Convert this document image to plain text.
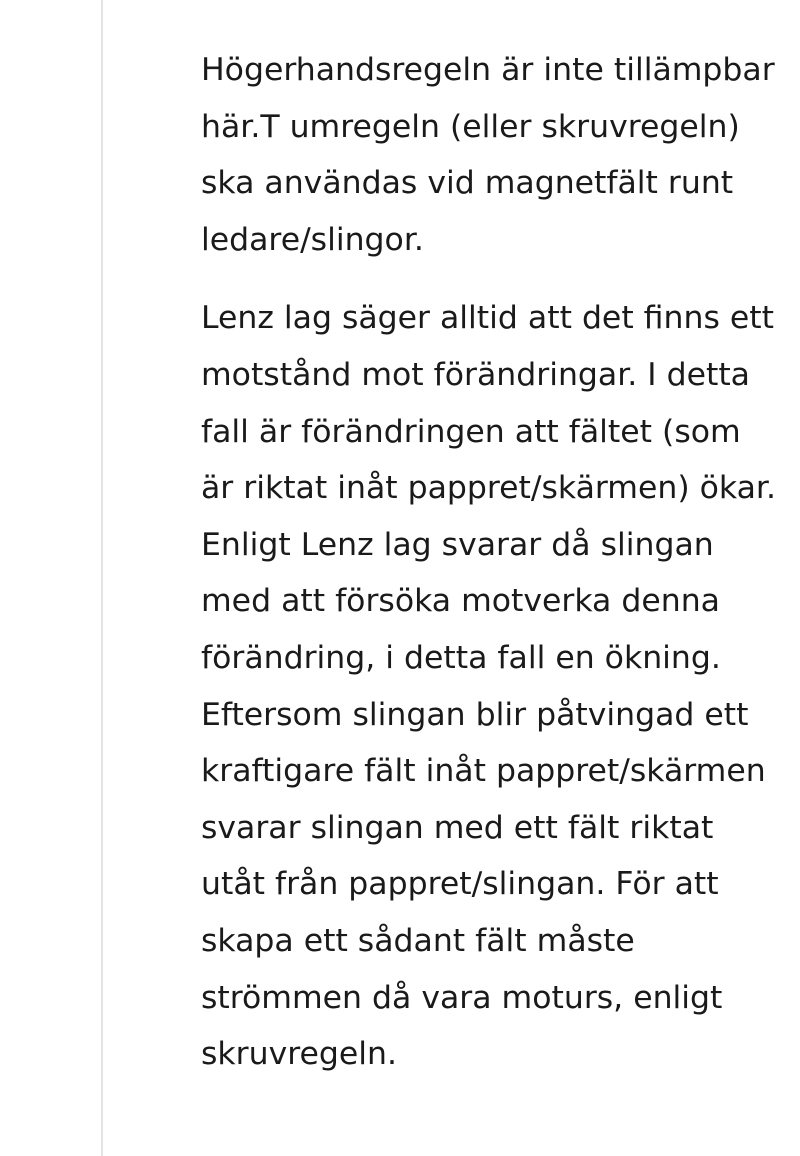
Högerhandsregeln är inte tillämpbar här.T umregeln (eller skruvregeln) ska användas vid magnetfält runt ledare/slingor.

Lenz lag säger alltid att det finns ett motstånd mot förändringar. I detta fall är förändringen att fältet (som är riktat inåt pappret/skärmen) ökar. Enligt Lenz lag svarar då slingan med att försöka motverka denna förändring, i detta fall en ökning. Eftersom slingan blir påtvingad ett kraftigare fält inåt pappret/skärmen svarar slingan med ett fält riktat utåt från pappret/slingan. För att skapa ett sådant fält måste strömmen då vara moturs, enligt skruvregeln.
